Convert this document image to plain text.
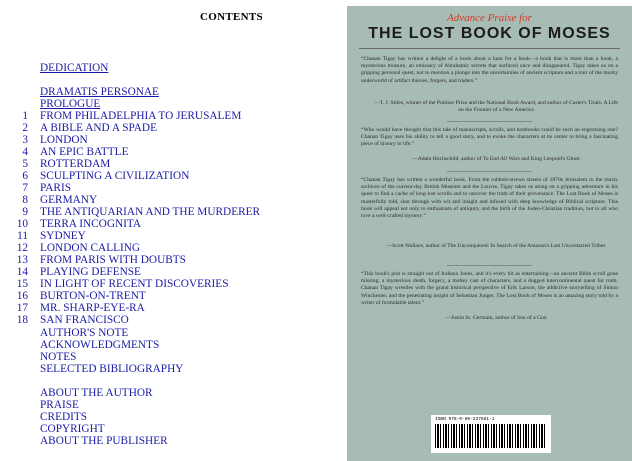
CONTENTS
DEDICATION
DRAMATIS PERSONAE
PROLOGUE
1 FROM PHILADELPHIA TO JERUSALEM
2 A BIBLE AND A SPADE
3 LONDON
4 AN EPIC BATTLE
5 ROTTERDAM
6 SCULPTING A CIVILIZATION
7 PARIS
8 GERMANY
9 THE ANTIQUARIAN AND THE MURDERER
10 TERRA INCOGNITA
11 SYDNEY
12 LONDON CALLING
13 FROM PARIS WITH DOUBTS
14 PLAYING DEFENSE
15 IN LIGHT OF RECENT DISCOVERIES
16 BURTON-ON-TRENT
17 MR. SHARP-EYE-RA
18 SAN FRANCISCO
AUTHOR'S NOTE
ACKNOWLEDGMENTS
NOTES
SELECTED BIBLIOGRAPHY
ABOUT THE AUTHOR
PRAISE
CREDITS
COPYRIGHT
ABOUT THE PUBLISHER
Advance Praise for
THE LOST BOOK OF MOSES
“Chanan Tigay has written a delight of a book about a hunt for a book—a book that is more than a book, a mysterious treasure, an emissary of Abrahamic secrets that surfaced once and disappeared. Tigay takes us on a gripping personal quest, not to mention a plunge into the uncertainties of ancient scripture and a tour of the murky underworld of artifact thieves, forgers, and traders.”
—T. J. Stiles, winner of the Pulitzer Prize and the National Book Award, and author of Custer's Trials: A Life on the Frontier of a New America
“Who would have thought that this tale of manuscripts, scrolls, and notebooks could be such an engrossing one? Chanan Tigay uses his ability to tell a good story, and to evoke the characters at its center to bring a fascinating piece of history to life.”
—Adam Hochschild, author of To End All Wars and King Leopold's Ghost
“Chanan Tigay has written a wonderful book. From the rubbish-strewn streets of 1870s Jerusalem to the musty archives of the current-day British Museum and the Louvre, Tigay takes us along on a gripping adventure in his quest to find a cache of long-lost scrolls and to uncover the truth of their provenance. The Lost Book of Moses is masterfully told, shot through with wit and insight and infused with deep knowledge of Biblical scripture. This book will appeal not only to enthusiasts of antiquity and the birth of the Judeo-Christian tradition, but to all who love a well-crafted mystery.”
—Scott Wallace, author of The Unconquered: In Search of the Amazon's Last Uncontacted Tribes
“This book's plot is straight out of Indiana Jones, and it's every bit as entertaining—an ancient Bible scroll gone missing, a mysterious death, forgery, a motley cast of characters, and a dogged intercontinental quest for truth. Chanan Tigay wrestles with the grand historical perspective of Erik Larson, the addictive storytelling of Simon Winchester, and the penetrating insight of Sebastian Junger. The Lost Book of Moses is an amazing story told by a writer of formidable talent.”
—Justin St. Germain, author of Son of a Gun
ISBN 978-0-06-237661-1
